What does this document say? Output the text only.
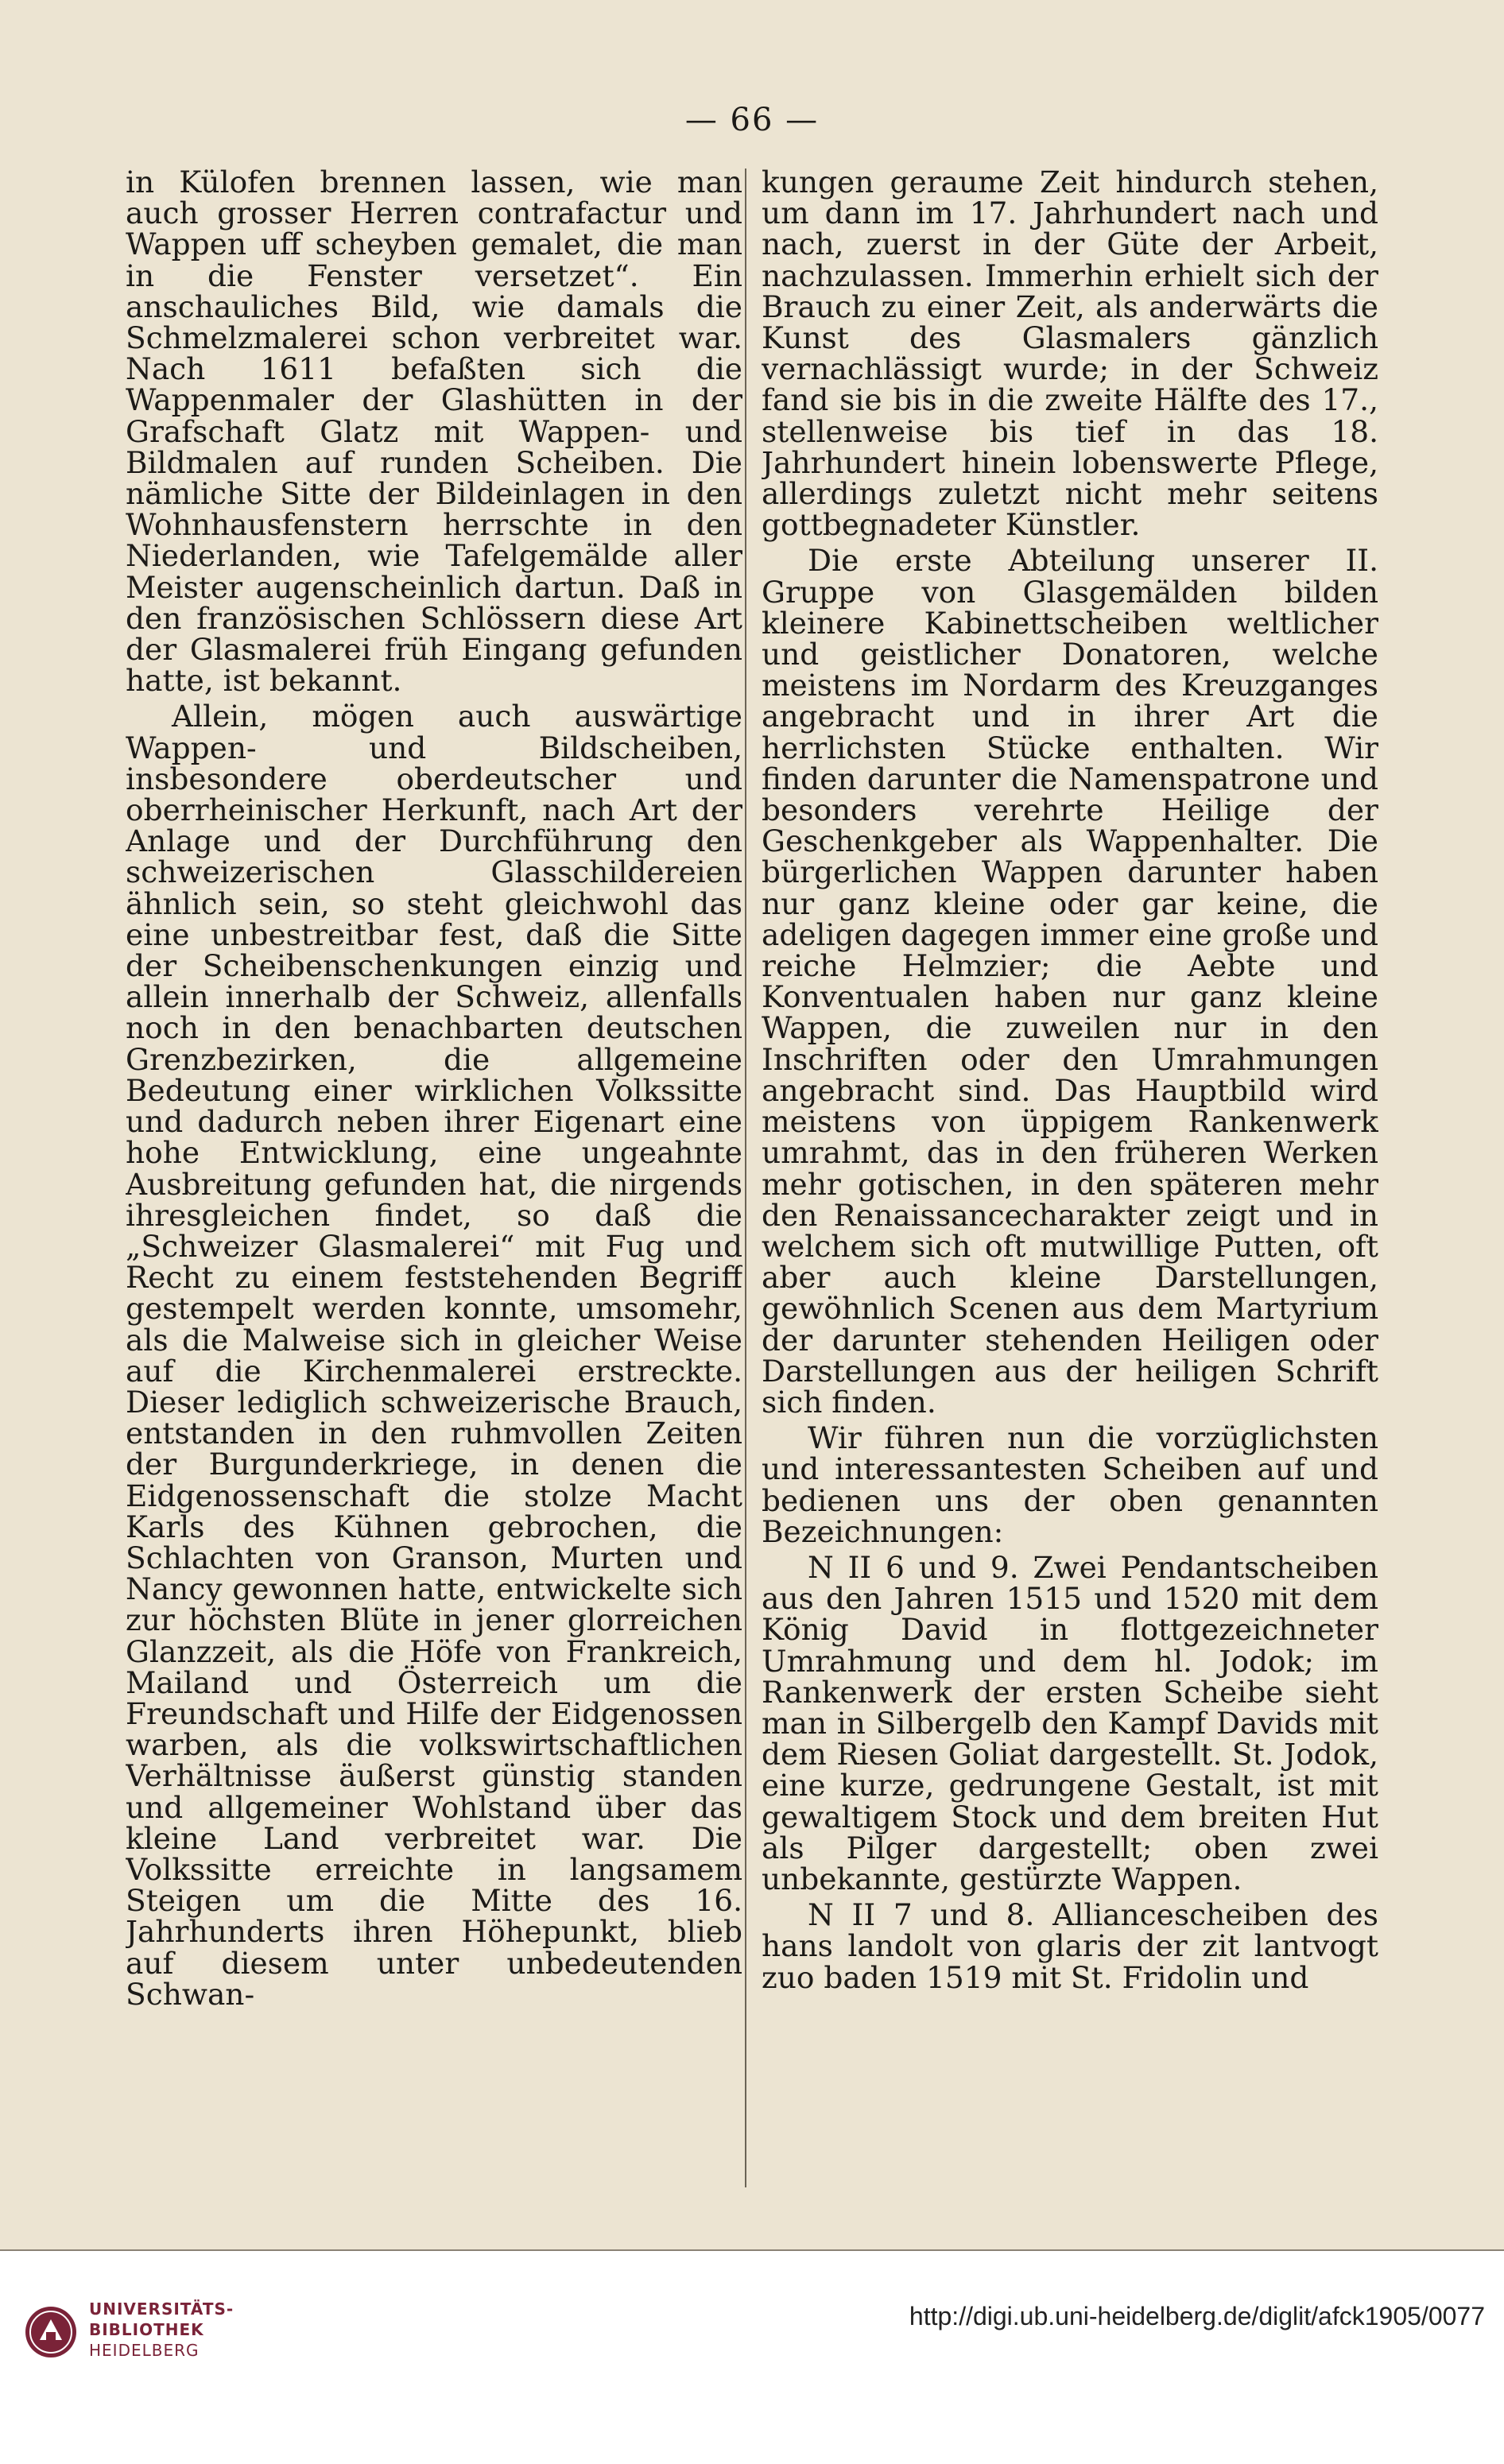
— 66 —

in Külofen brennen lassen, wie man auch grosser Herren contrafactur und Wappen uff scheyben gemalet, die man in die Fenster versetzet“. Ein anschauliches Bild, wie damals die Schmelzmalerei schon verbreitet war. Nach 1611 befaßten sich die Wappenmaler der Glashütten in der Grafschaft Glatz mit Wappen- und Bildmalen auf runden Scheiben. Die nämliche Sitte der Bildeinlagen in den Wohnhausfenstern herrschte in den Niederlanden, wie Tafelgemälde aller Meister augenscheinlich dartun. Daß in den französischen Schlössern diese Art der Glasmalerei früh Eingang gefunden hatte, ist bekannt.

Allein, mögen auch auswärtige Wappen- und Bildscheiben, insbesondere oberdeutscher und oberrheinischer Herkunft, nach Art der Anlage und der Durchführung den schweizerischen Glasschildereien ähnlich sein, so steht gleichwohl das eine unbestreitbar fest, daß die Sitte der Scheibenschenkungen einzig und allein innerhalb der Schweiz, allenfalls noch in den benachbarten deutschen Grenzbezirken, die allgemeine Bedeutung einer wirklichen Volkssitte und dadurch neben ihrer Eigenart eine hohe Entwicklung, eine ungeahnte Ausbreitung gefunden hat, die nirgends ihresgleichen findet, so daß die „Schweizer Glasmalerei“ mit Fug und Recht zu einem feststehenden Begriff gestempelt werden konnte, umsomehr, als die Malweise sich in gleicher Weise auf die Kirchenmalerei erstreckte. Dieser lediglich schweizerische Brauch, entstanden in den ruhmvollen Zeiten der Burgunderkriege, in denen die Eidgenossenschaft die stolze Macht Karls des Kühnen gebrochen, die Schlachten von Granson, Murten und Nancy gewonnen hatte, entwickelte sich zur höchsten Blüte in jener glorreichen Glanzzeit, als die Höfe von Frankreich, Mailand und Österreich um die Freundschaft und Hilfe der Eidgenossen warben, als die volkswirtschaftlichen Verhältnisse äußerst günstig standen und allgemeiner Wohlstand über das kleine Land verbreitet war. Die Volkssitte erreichte in langsamem Steigen um die Mitte des 16. Jahrhunderts ihren Höhepunkt, blieb auf diesem unter unbedeutenden Schwan-

kungen geraume Zeit hindurch stehen, um dann im 17. Jahrhundert nach und nach, zuerst in der Güte der Arbeit, nachzulassen. Immerhin erhielt sich der Brauch zu einer Zeit, als anderwärts die Kunst des Glasmalers gänzlich vernachlässigt wurde; in der Schweiz fand sie bis in die zweite Hälfte des 17., stellenweise bis tief in das 18. Jahrhundert hinein lobenswerte Pflege, allerdings zuletzt nicht mehr seitens gottbegnadeter Künstler.

Die erste Abteilung unserer II. Gruppe von Glasgemälden bilden kleinere Kabinettscheiben weltlicher und geistlicher Donatoren, welche meistens im Nordarm des Kreuzganges angebracht und in ihrer Art die herrlichsten Stücke enthalten. Wir finden darunter die Namenspatrone und besonders verehrte Heilige der Geschenkgeber als Wappenhalter. Die bürgerlichen Wappen darunter haben nur ganz kleine oder gar keine, die adeligen dagegen immer eine große und reiche Helmzier; die Aebte und Konventualen haben nur ganz kleine Wappen, die zuweilen nur in den Inschriften oder den Umrahmungen angebracht sind. Das Hauptbild wird meistens von üppigem Rankenwerk umrahmt, das in den früheren Werken mehr gotischen, in den späteren mehr den Renaissancecharakter zeigt und in welchem sich oft mutwillige Putten, oft aber auch kleine Darstellungen, gewöhnlich Scenen aus dem Martyrium der darunter stehenden Heiligen oder Darstellungen aus der heiligen Schrift sich finden.

Wir führen nun die vorzüglichsten und interessantesten Scheiben auf und bedienen uns der oben genannten Bezeichnungen:

N II 6 und 9. Zwei Pendantscheiben aus den Jahren 1515 und 1520 mit dem König David in flottgezeichneter Umrahmung und dem hl. Jodok; im Rankenwerk der ersten Scheibe sieht man in Silbergelb den Kampf Davids mit dem Riesen Goliat dargestellt. St. Jodok, eine kurze, gedrungene Gestalt, ist mit gewaltigem Stock und dem breiten Hut als Pilger dargestellt; oben zwei unbekannte, gestürzte Wappen.

N II 7 und 8. Alliancescheiben des hans landolt von glaris der zit lantvogt zuo baden 1519 mit St. Fridolin und

UNIVERSITÄTS-
BIBLIOTHEK
HEIDELBERG
http://digi.ub.uni-heidelberg.de/diglit/afck1905/0077
